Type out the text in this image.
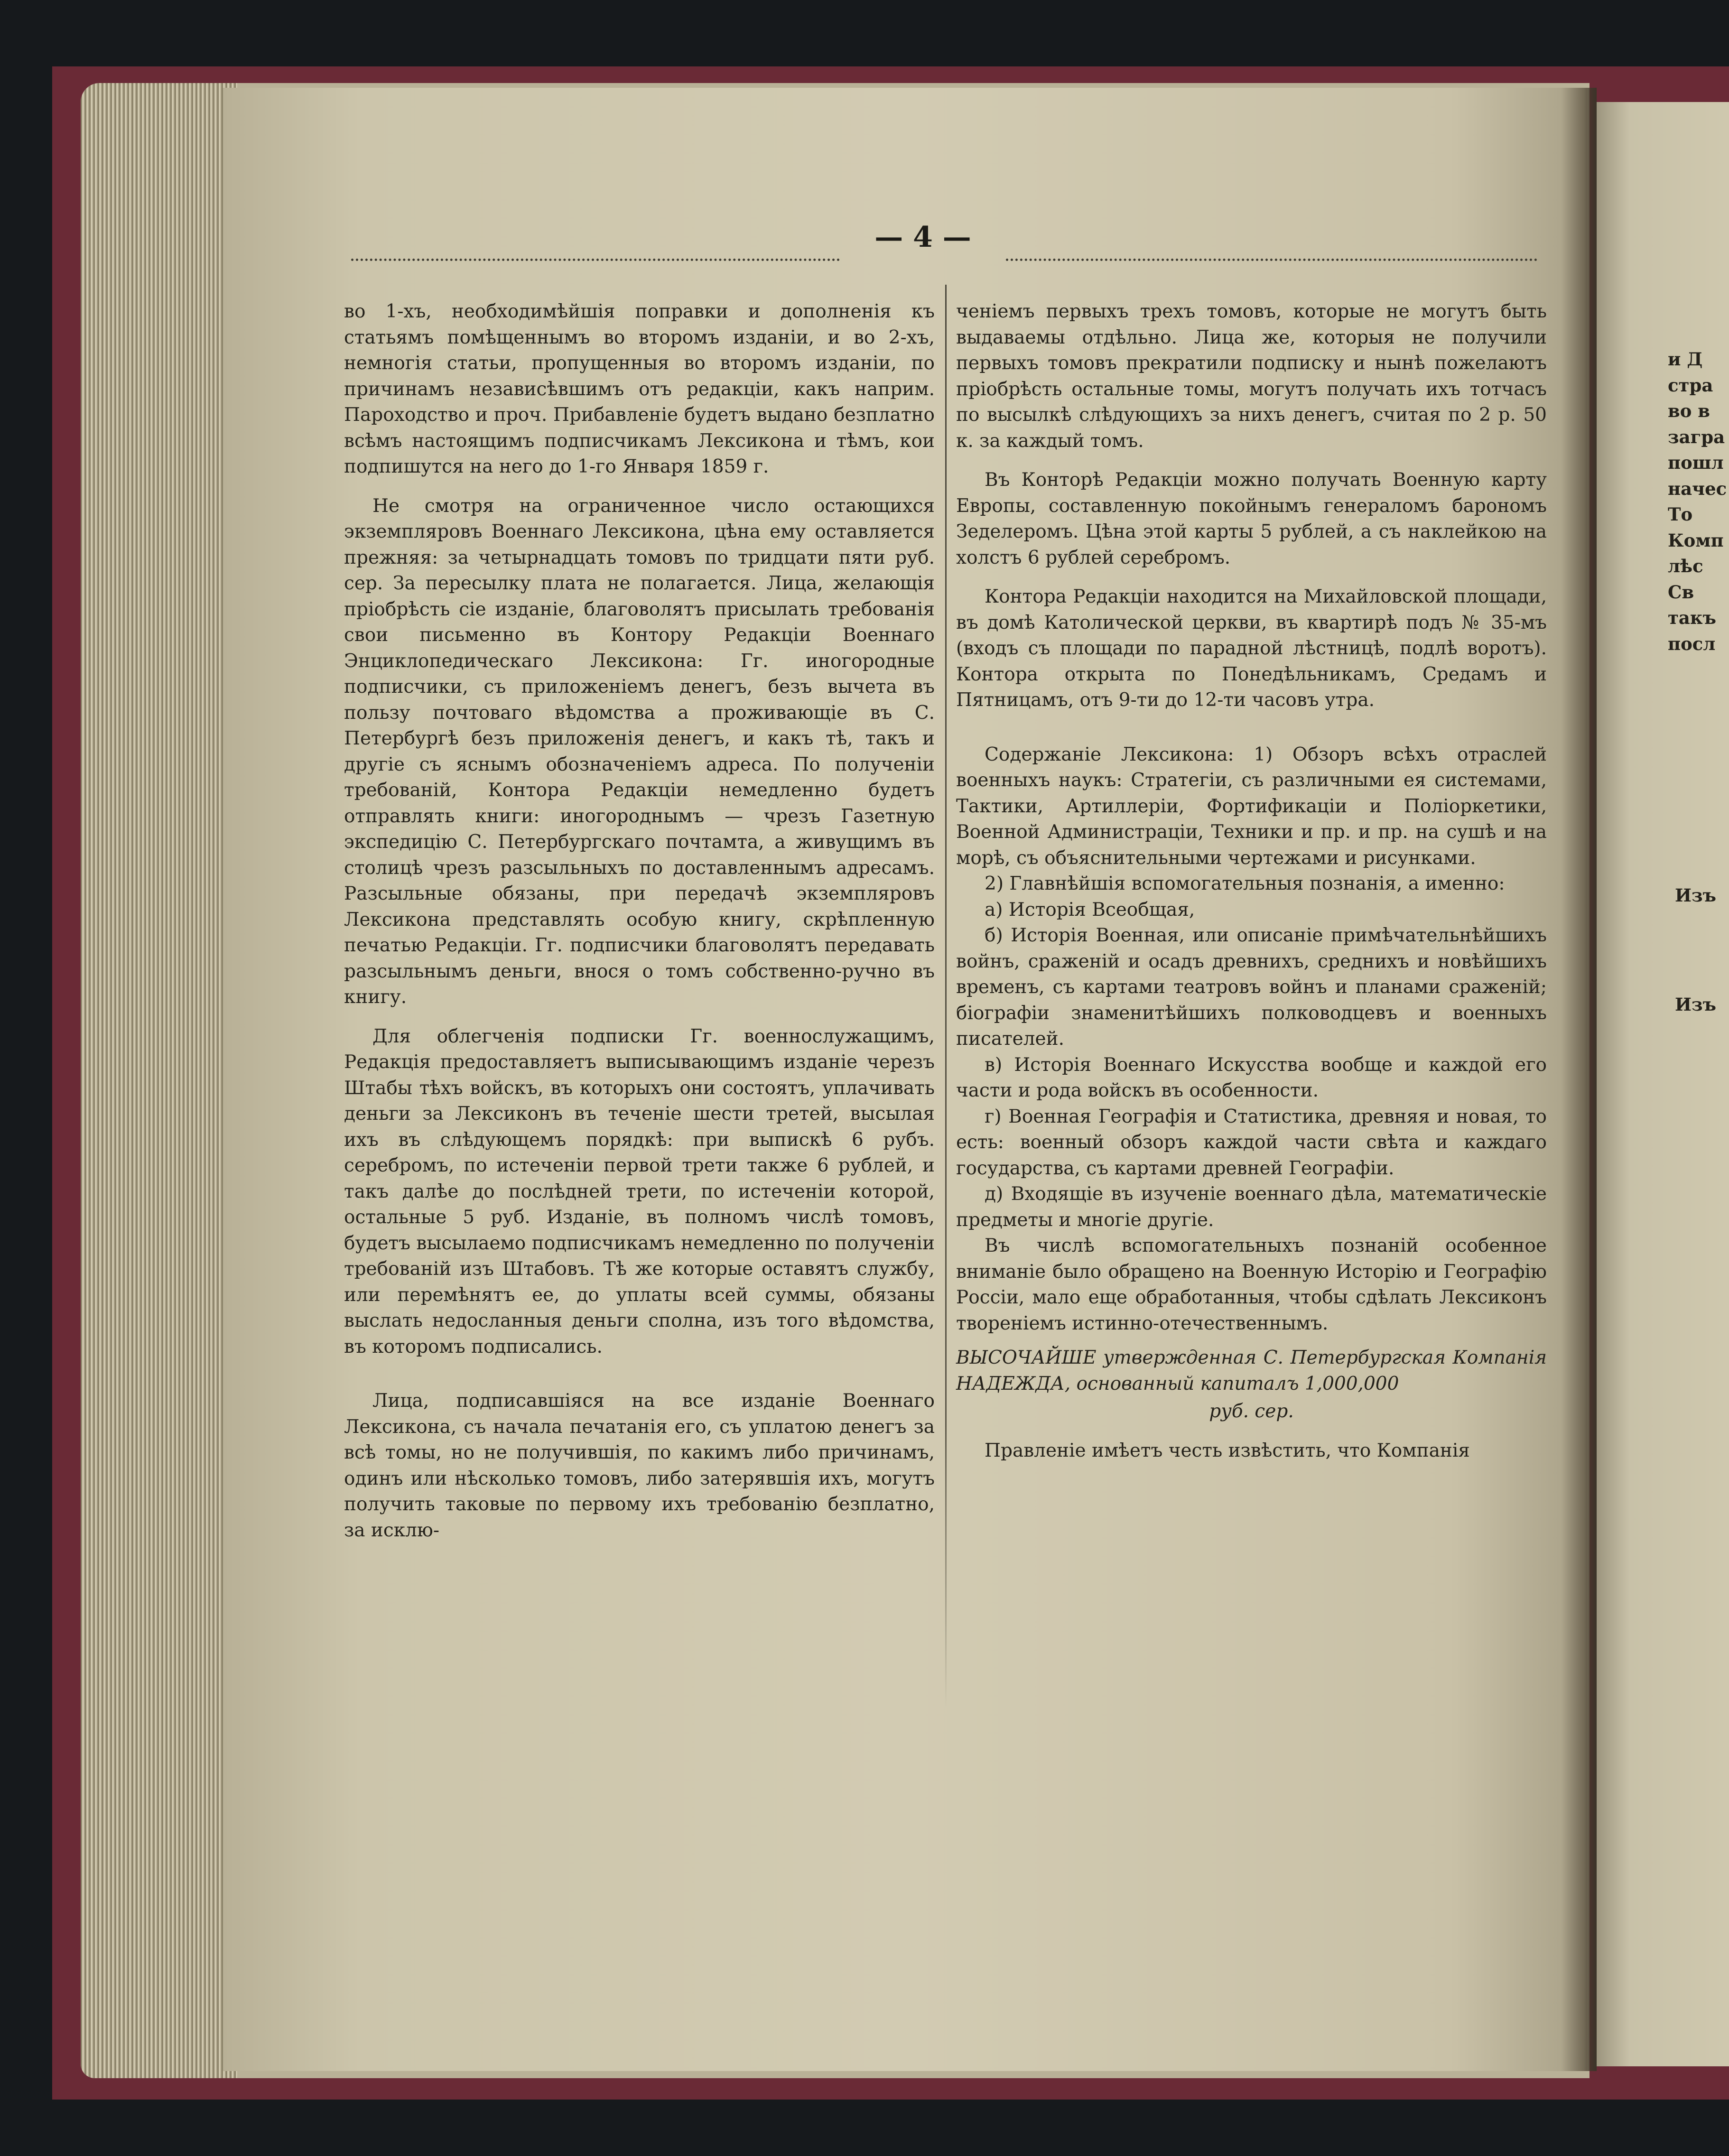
— 4 —

во 1-хъ, необходимѣйшія поправки и дополненія къ статьямъ помѣщеннымъ во второмъ изданіи, и во 2-хъ, немногія статьи, пропущенныя во второмъ изданіи, по причинамъ независѣвшимъ отъ редакціи, какъ наприм. Пароходство и проч. Прибавленіе будетъ выдано безплатно всѣмъ настоящимъ подписчикамъ Лексикона и тѣмъ, кои подпишутся на него до 1-го Января 1859 г.

Не смотря на ограниченное число остающихся экземпляровъ Военнаго Лексикона, цѣна ему оставляется прежняя: за четырнадцать томовъ по тридцати пяти руб. сер. За пересылку плата не полагается. Лица, желающія пріобрѣсть сіе изданіе, благоволятъ присылать требованія свои письменно въ Контору Редакціи Военнаго Энциклопедическаго Лексикона: Гг. иногородные подписчики, съ приложеніемъ денегъ, безъ вычета въ пользу почтоваго вѣдомства а проживающіе въ С. Петербургѣ безъ приложенія денегъ, и какъ тѣ, такъ и другіе съ яснымъ обозначеніемъ адреса. По полученіи требованій, Контора Редакціи немедленно будетъ отправлять книги: иногороднымъ — чрезъ Газетную экспедицію С. Петербургскаго почтамта, а живущимъ въ столицѣ чрезъ разсыльныхъ по доставленнымъ адресамъ. Разсыльные обязаны, при передачѣ экземпляровъ Лексикона представлять особую книгу, скрѣпленную печатью Редакціи. Гг. подписчики благоволятъ передавать разсыльнымъ деньги, внося о томъ собственно-ручно въ книгу.

Для облегченія подписки Гг. военнослужащимъ, Редакція предоставляетъ выписывающимъ изданіе черезъ Штабы тѣхъ войскъ, въ которыхъ они состоятъ, уплачивать деньги за Лексиконъ въ теченіе шести третей, высылая ихъ въ слѣдующемъ порядкѣ: при выпискѣ 6 рубъ. серебромъ, по истеченіи первой трети также 6 рублей, и такъ далѣе до послѣдней трети, по истеченіи которой, остальные 5 руб. Изданіе, въ полномъ числѣ томовъ, будетъ высылаемо подписчикамъ немедленно по полученіи требованій изъ Штабовъ. Тѣ же которые оставятъ службу, или перемѣнятъ ее, до уплаты всей суммы, обязаны выслать недосланныя деньги сполна, изъ того вѣдомства, въ которомъ подписались.

Лица, подписавшіяся на все изданіе Военнаго Лексикона, съ начала печатанія его, съ уплатою денегъ за всѣ томы, но не получившія, по какимъ либо причинамъ, одинъ или нѣсколько томовъ, либо затерявшія ихъ, могутъ получить таковые по первому ихъ требованію безплатно, за исклю-

ченіемъ первыхъ трехъ томовъ, которые не могутъ быть выдаваемы отдѣльно. Лица же, которыя не получили первыхъ томовъ прекратили подписку и нынѣ пожелаютъ пріобрѣсть остальные томы, могутъ получать ихъ тотчасъ по высылкѣ слѣдующихъ за нихъ денегъ, считая по 2 р. 50 к. за каждый томъ.

Въ Конторѣ Редакціи можно получать Военную карту Европы, составленную покойнымъ генераломъ барономъ Зеделеромъ. Цѣна этой карты 5 рублей, а съ наклейкою на холстъ 6 рублей серебромъ.

Контора Редакціи находится на Михайловской площади, въ домѣ Католической церкви, въ квартирѣ подъ № 35-мъ (входъ съ площади по парадной лѣстницѣ, подлѣ воротъ). Контора открыта по Понедѣльникамъ, Средамъ и Пятницамъ, отъ 9-ти до 12-ти часовъ утра.

Содержаніе Лексикона: 1) Обзоръ всѣхъ отраслей военныхъ наукъ: Стратегіи, съ различными ея системами, Тактики, Артиллеріи, Фортификаціи и Поліоркетики, Военной Администраціи, Техники и пр. и пр. на сушѣ и на морѣ, съ объяснительными чертежами и рисунками.

2) Главнѣйшія вспомогательныя познанія, а именно:

а) Исторія Всеобщая,

б) Исторія Военная, или описаніе примѣчательнѣйшихъ войнъ, сраженій и осадъ древнихъ, среднихъ и новѣйшихъ временъ, съ картами театровъ войнъ и планами сраженій; біографіи знаменитѣйшихъ полководцевъ и военныхъ писателей.

в) Исторія Военнаго Искусства вообще и каждой его части и рода войскъ въ особенности.

г) Военная Географія и Статистика, древняя и новая, то есть: военный обзоръ каждой части свѣта и каждаго государства, съ картами древней Географіи.

д) Входящіе въ изученіе военнаго дѣла, математическіе предметы и многіе другіе.

Въ числѣ вспомогательныхъ познаній особенное вниманіе было обращено на Военную Исторію и Географію Россіи, мало еще обработанныя, чтобы сдѣлать Лексиконъ твореніемъ истинно-отечественнымъ.

ВЫСОЧАЙШЕ утвержденная С. Петербургская Компанія НАДЕЖДА, основанный капиталъ 1,000,000

руб. сер.

Правленіе имѣетъ честь извѣстить, что Компанія

и Д
стра
во в
загра
пошл
начес
То
Комп
лѣс
Св
такъ
посл
Изъ
Изъ
